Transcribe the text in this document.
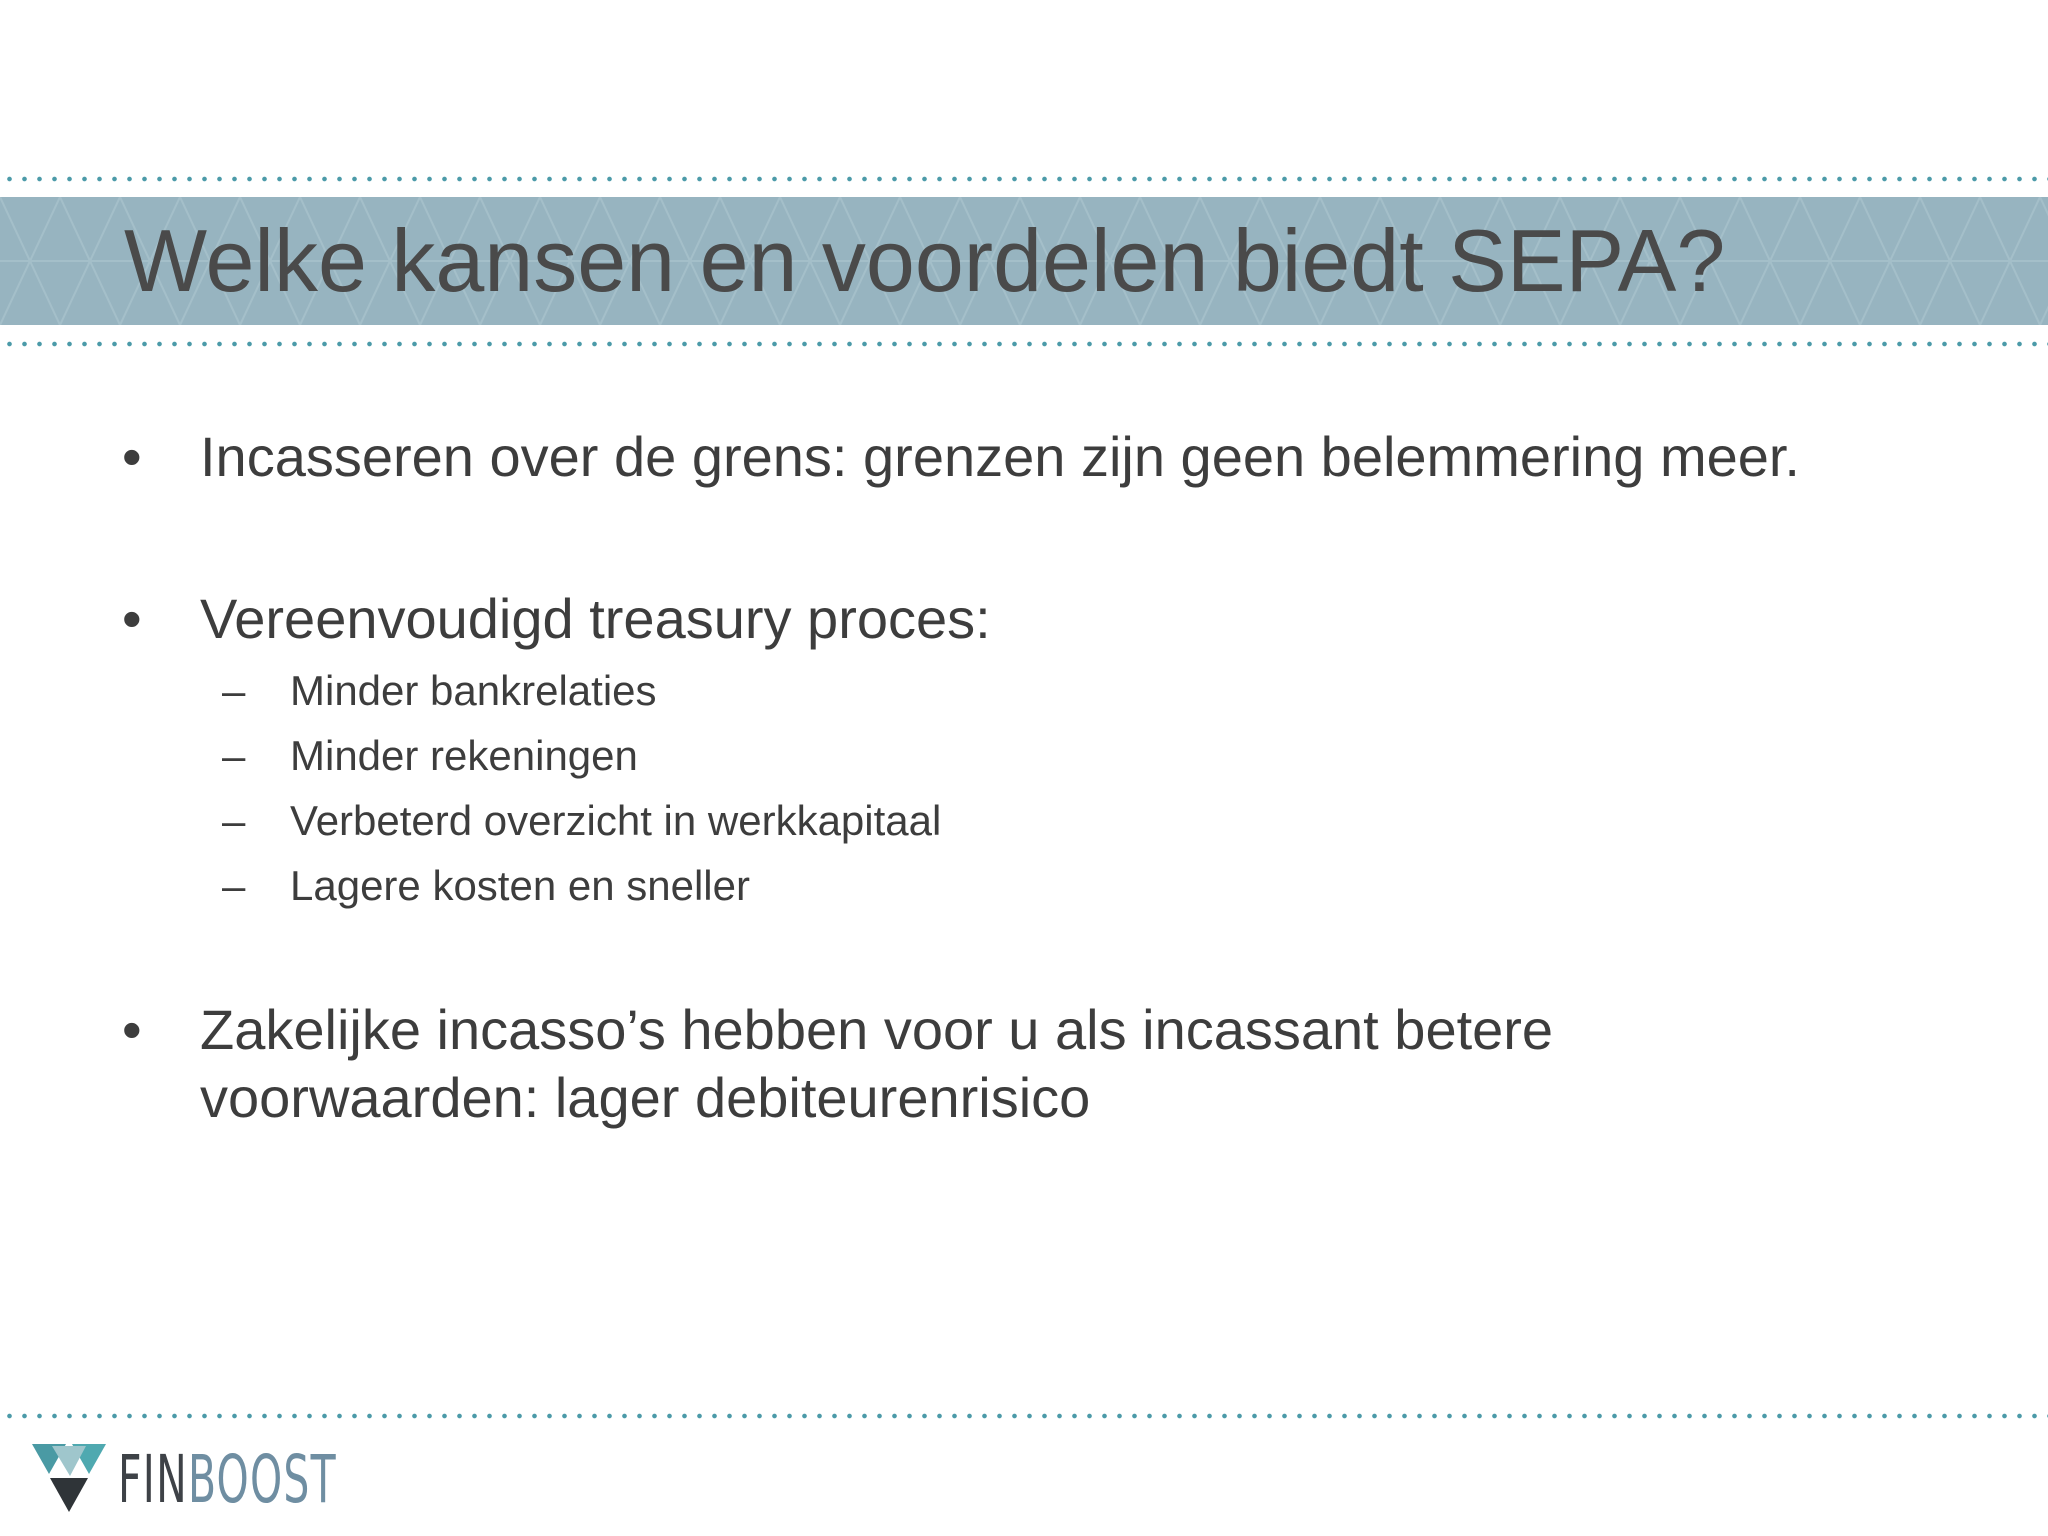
Welke kansen en voordelen biedt SEPA?
• Incasseren over de grens: grenzen zijn geen belemmering meer.
• Vereenvoudigd treasury proces:
– Minder bankrelaties
– Minder rekeningen
– Verbeterd overzicht in werkkapitaal
– Lagere kosten en sneller
• Zakelijke incasso’s hebben voor u als incassant betere
voorwaarden: lager debiteurenrisico
FINBOOST
